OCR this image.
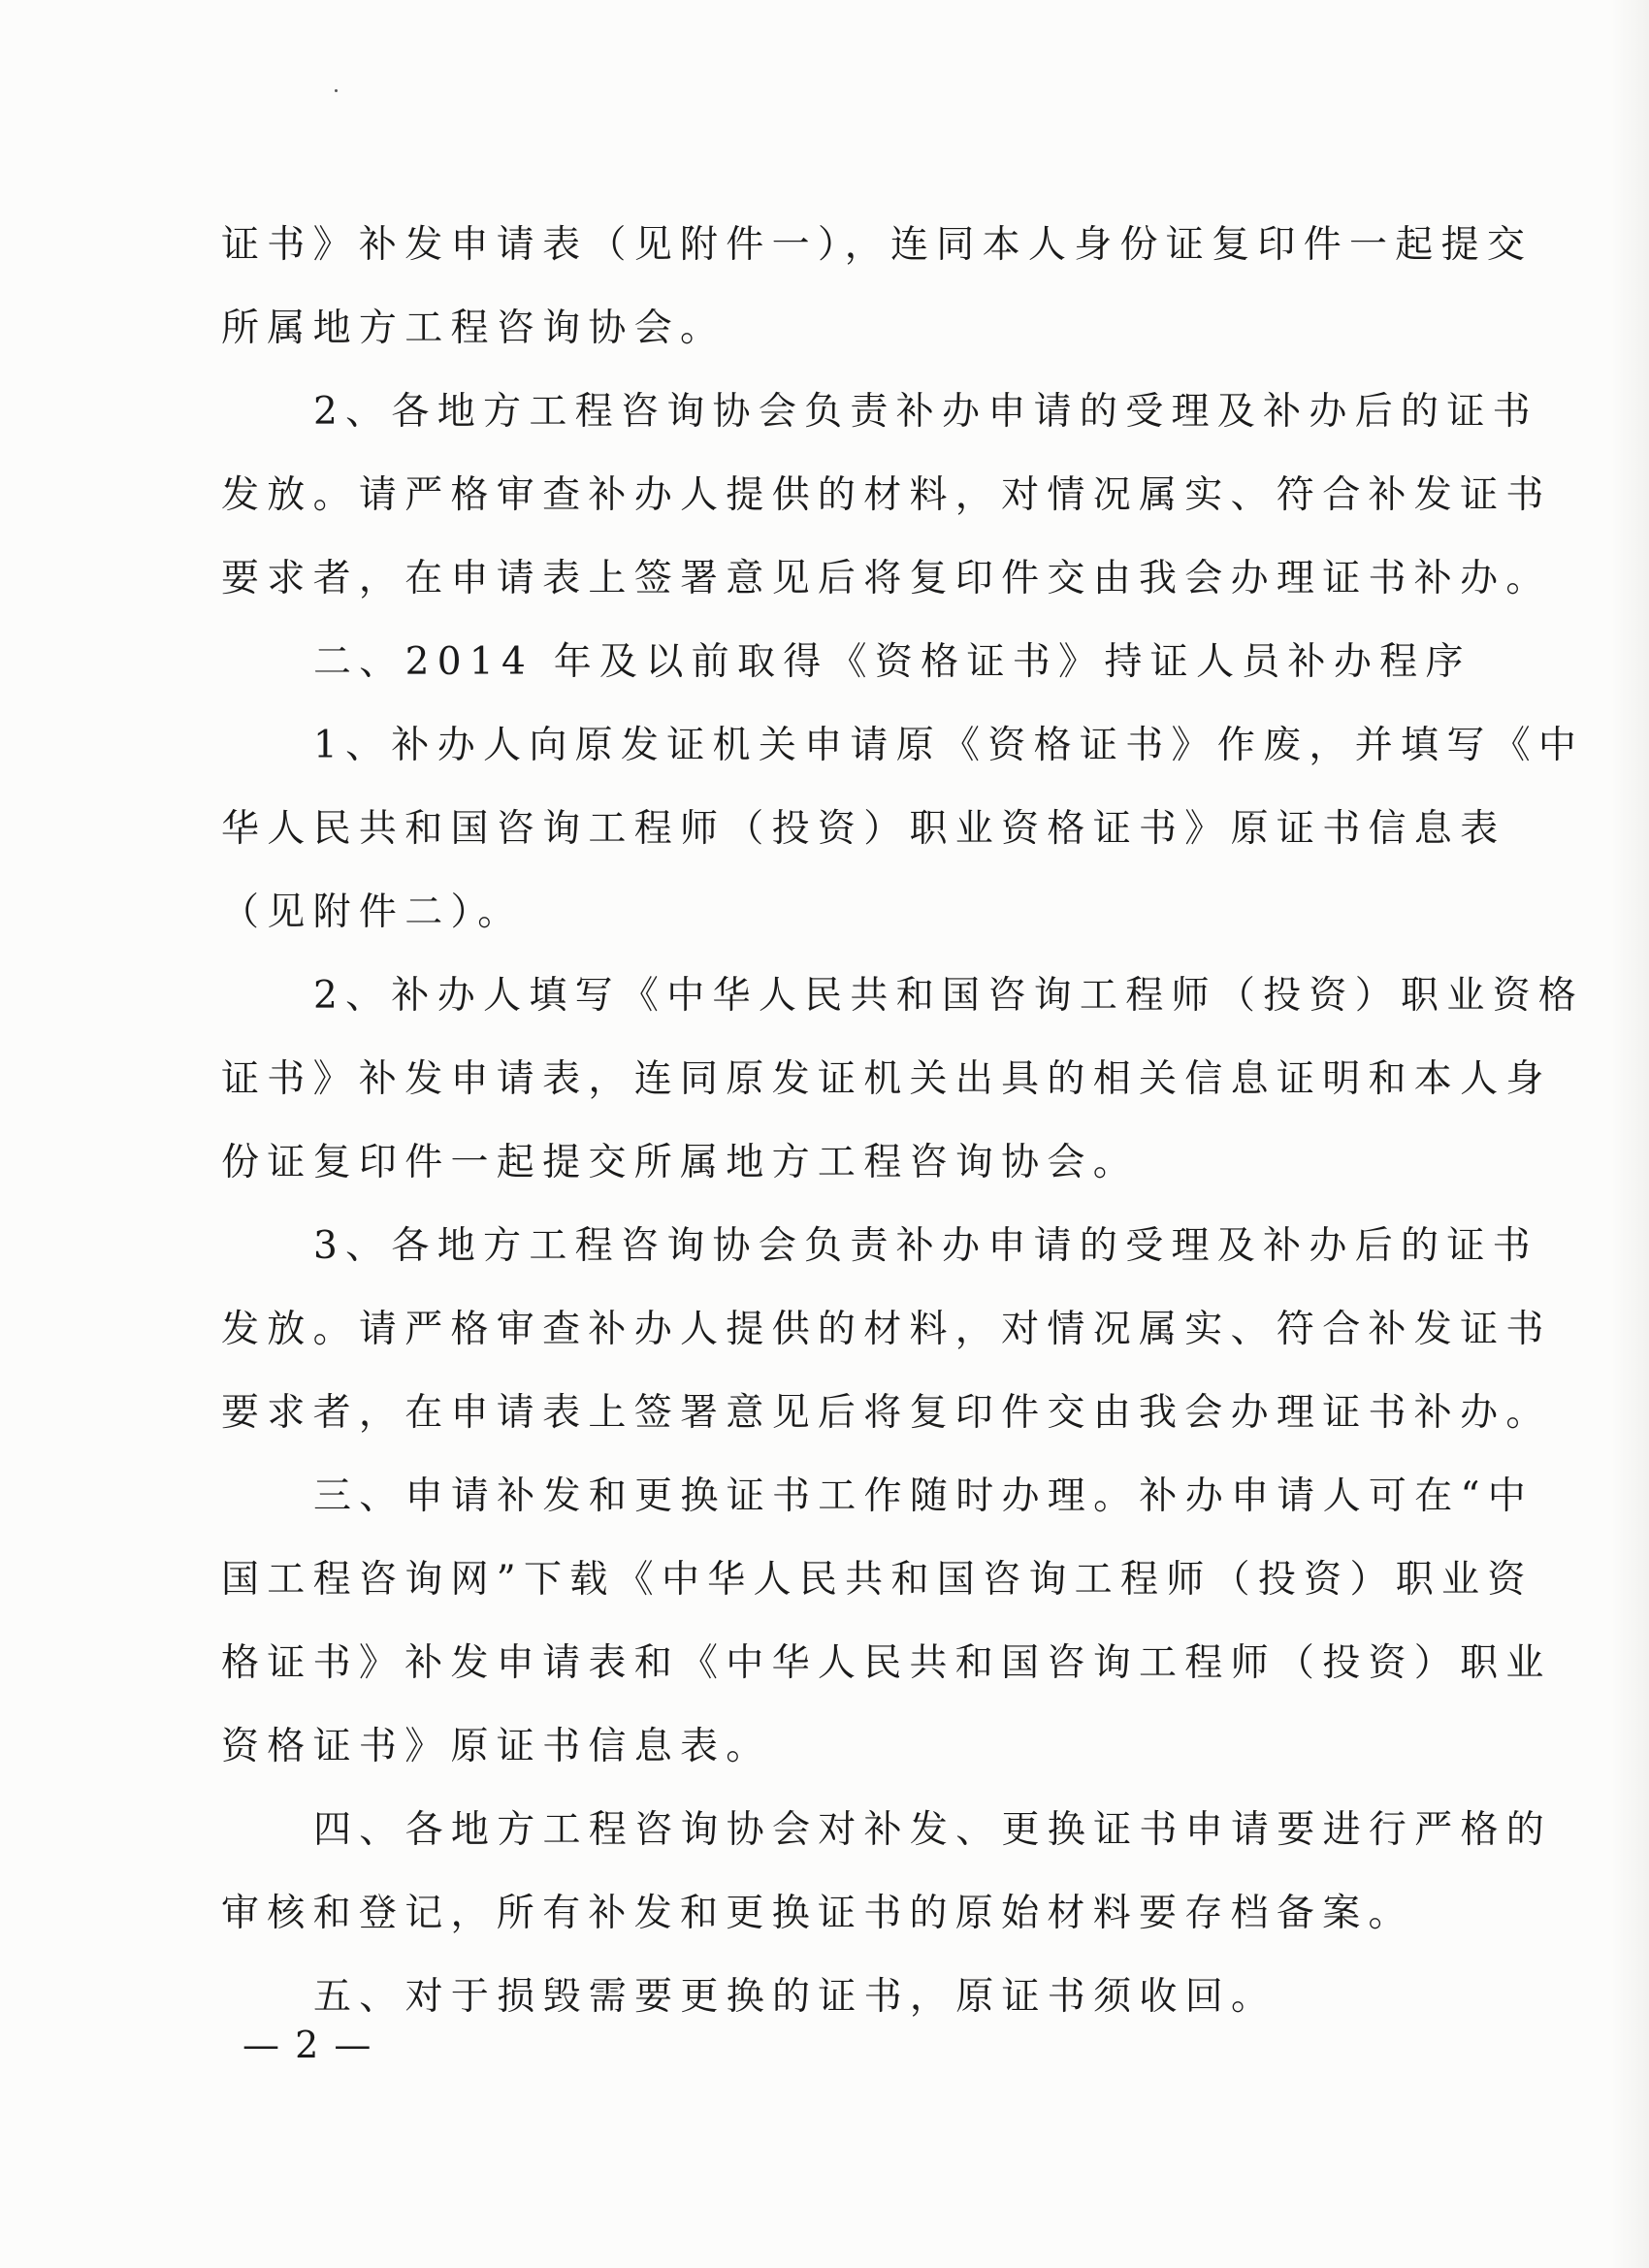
证书》补发申请表（见附件一），连同本人身份证复印件一起提交
所属地方工程咨询协会。
2、各地方工程咨询协会负责补办申请的受理及补办后的证书
发放。请严格审查补办人提供的材料，对情况属实、符合补发证书
要求者，在申请表上签署意见后将复印件交由我会办理证书补办。
二、2014 年及以前取得《资格证书》持证人员补办程序
1、补办人向原发证机关申请原《资格证书》作废，并填写《中
华人民共和国咨询工程师（投资）职业资格证书》原证书信息表
（见附件二）。
2、补办人填写《中华人民共和国咨询工程师（投资）职业资格
证书》补发申请表，连同原发证机关出具的相关信息证明和本人身
份证复印件一起提交所属地方工程咨询协会。
3、各地方工程咨询协会负责补办申请的受理及补办后的证书
发放。请严格审查补办人提供的材料，对情况属实、符合补发证书
要求者，在申请表上签署意见后将复印件交由我会办理证书补办。
三、申请补发和更换证书工作随时办理。补办申请人可在“中
国工程咨询网”下载《中华人民共和国咨询工程师（投资）职业资
格证书》补发申请表和《中华人民共和国咨询工程师（投资）职业
资格证书》原证书信息表。
四、各地方工程咨询协会对补发、更换证书申请要进行严格的
审核和登记，所有补发和更换证书的原始材料要存档备案。
五、对于损毁需要更换的证书，原证书须收回。
— 2 —
